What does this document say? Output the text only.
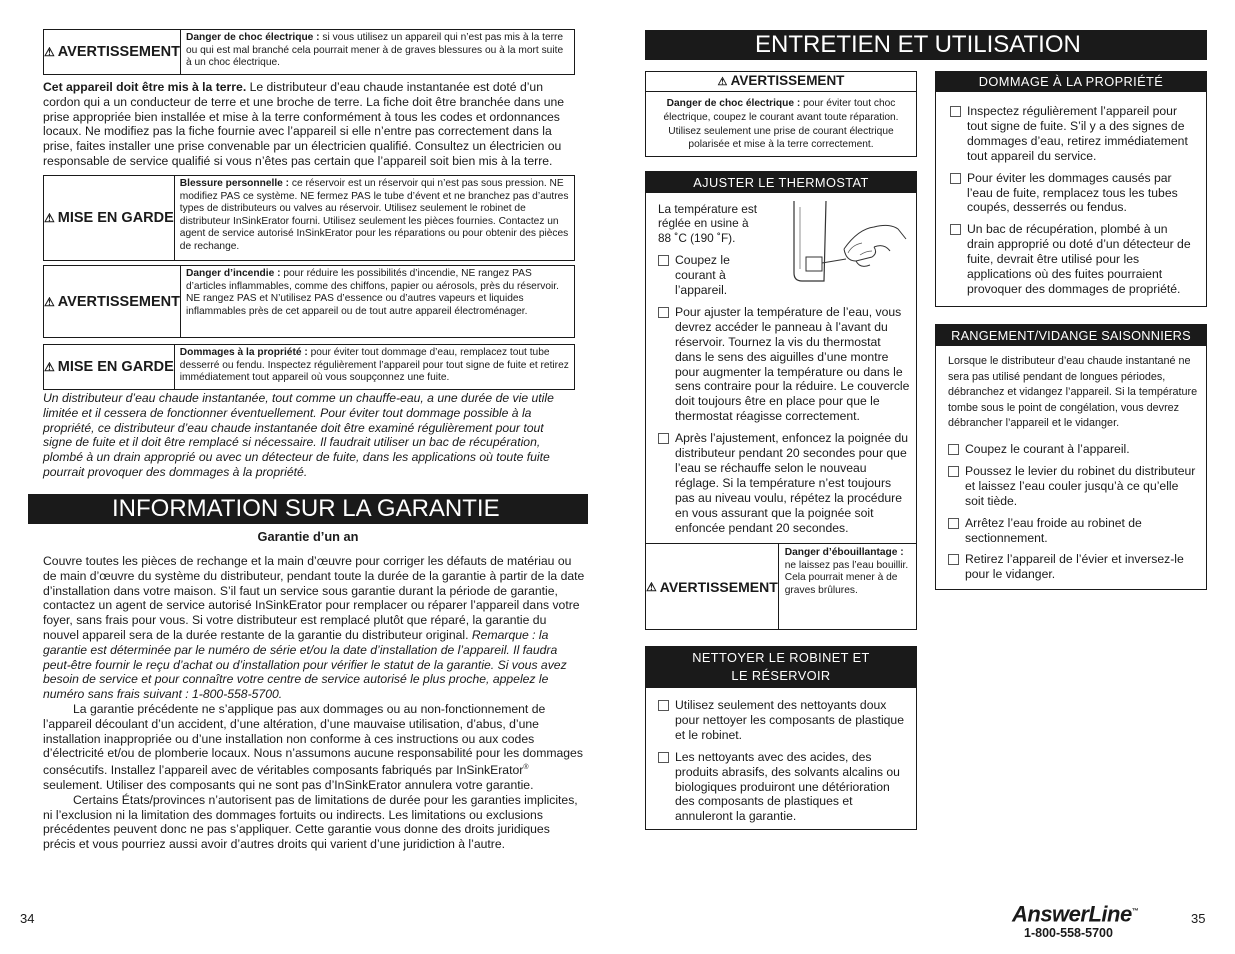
⚠ AVERTISSEMENT
Danger de choc électrique : si vous utilisez un appareil qui n’est pas mis à la terre ou qui est mal branché cela pourrait mener à de graves blessures ou à la mort suite à un choc électrique.

Cet appareil doit être mis à la terre. Le distributeur d’eau chaude instantanée est doté d’un cordon qui a un conducteur de terre et une broche de terre. La fiche doit être branchée dans une prise appropriée bien installée et mise à la terre conformément à tous les codes et ordonnances locaux. Ne modifiez pas la fiche fournie avec l’appareil si elle n’entre pas correctement dans la prise, faites installer une prise convenable par un électricien qualifié. Consultez un électricien ou responsable de service qualifié si vous n’êtes pas certain que l’appareil soit bien mis à la terre.

⚠ MISE EN GARDE
Blessure personnelle : ce réservoir est un réservoir qui n’est pas sous pression. NE modifiez PAS ce système. NE fermez PAS le tube d’évent et ne branchez pas d’autres types de distributeurs ou valves au réservoir. Utilisez seulement le robinet de distributeur InSinkErator fourni. Utilisez seulement les pièces fournies. Contactez un agent de service autorisé InSinkErator pour les réparations ou pour obtenir des pièces de rechange.
⚠ AVERTISSEMENT
Danger d’incendie : pour réduire les possibilités d’incendie, NE rangez PAS d’articles inflammables, comme des chiffons, papier ou aérosols, près du réservoir. NE rangez PAS et N’utilisez PAS d’essence ou d’autres vapeurs et liquides inflammables près de cet appareil ou de tout autre appareil électroménager.
⚠ MISE EN GARDE
Dommages à la propriété : pour éviter tout dommage d’eau, remplacez tout tube desserré ou fendu. Inspectez régulièrement l’appareil pour tout signe de fuite et retirez immédiatement tout appareil où vous soupçonnez une fuite.

Un distributeur d’eau chaude instantanée, tout comme un chauffe-eau, a une durée de vie utile limitée et il cessera de fonctionner éventuellement. Pour éviter tout dommage possible à la propriété, ce distributeur d’eau chaude instantanée doit être examiné régulièrement pour tout signe de fuite et il doit être remplacé si nécessaire. Il faudrait utiliser un bac de récupération, plombé à un drain approprié ou avec un détecteur de fuite, dans les applications où toute fuite pourrait provoquer des dommages à la propriété.

INFORMATION SUR LA GARANTIE
Garantie d’un an

Couvre toutes les pièces de rechange et la main d’œuvre pour corriger les défauts de matériau ou de main d’œuvre du système du distributeur, pendant toute la durée de la garantie à partir de la date d’installation dans votre maison. S’il faut un service sous garantie durant la période de garantie, contactez un agent de service autorisé InSinkErator pour remplacer ou réparer l’appareil dans votre foyer, sans frais pour vous. Si votre distributeur est remplacé plutôt que réparé, la garantie du nouvel appareil sera de la durée restante de la garantie du distributeur original. Remarque : la garantie est déterminée par le numéro de série et/ou la date d’installation de l’appareil. Il faudra peut-être fournir le reçu d’achat ou d’installation pour vérifier le statut de la garantie. Si vous avez besoin de service et pour connaître votre centre de service autorisé le plus proche, appelez le numéro sans frais suivant : 1-800-558-5700.

La garantie précédente ne s’applique pas aux dommages ou au non-fonctionnement de l’appareil découlant d’un accident, d’une altération, d’une mauvaise utilisation, d’abus, d’une installation inappropriée ou d’une installation non conforme à ces instructions ou aux codes d’électricité et/ou de plomberie locaux. Nous n’assumons aucune responsabilité pour les dommages consécutifs. Installez l’appareil avec de véritables composants fabriqués par InSinkErator® seulement. Utiliser des composants qui ne sont pas d’InSinkErator annulera votre garantie.

Certains États/provinces n’autorisent pas de limitations de durée pour les garanties implicites, ni l’exclusion ni la limitation des dommages fortuits ou indirects. Les limitations ou exclusions précédentes peuvent donc ne pas s’appliquer. Cette garantie vous donne des droits juridiques précis et vous pourriez aussi avoir d’autres droits qui varient d’une juridiction à l’autre.

34
ENTRETIEN ET UTILISATION
⚠ AVERTISSEMENT
Danger de choc électrique : pour éviter tout choc électrique, coupez le courant avant toute réparation. Utilisez seulement une prise de courant électrique polarisée et mise à la terre correctement.
AJUSTER LE THERMOSTAT

La température est réglée en usine à 88 ˚C (190 ˚F).

Coupez le courant à l’appareil.
Pour ajuster la température de l’eau, vous devrez accéder le panneau à l’avant du réservoir. Tournez la vis du thermostat dans le sens des aiguilles d’une montre pour augmenter la température ou dans le sens contraire pour la réduire. Le couvercle doit toujours être en place pour que le thermostat réagisse correctement.
Après l’ajustement, enfoncez la poignée du distributeur pendant 20 secondes pour que l’eau se réchauffe selon le nouveau réglage. Si la température n’est toujours pas au niveau voulu, répétez la procédure en vous assurant que la poignée soit enfoncée pendant 20 secondes.
⚠ AVERTISSEMENT
Danger d’ébouillantage : ne laissez pas l’eau bouillir. Cela pourrait mener à de graves brûlures.
NETTOYER LE ROBINET ET
LE RÉSERVOIR
Utilisez seulement des nettoyants doux pour nettoyer les composants de plastique et le robinet.
Les nettoyants avec des acides, des produits abrasifs, des solvants alcalins ou biologiques produiront une détérioration des composants de plastiques et annuleront la garantie.
DOMMAGE À LA PROPRIÉTÉ
Inspectez régulièrement l’appareil pour tout signe de fuite. S’il y a des signes de dommages d’eau, retirez immédiatement tout appareil du service.
Pour éviter les dommages causés par l’eau de fuite, remplacez tous les tubes coupés, desserrés ou fendus.
Un bac de récupération, plombé à un drain approprié ou doté d’un détecteur de fuite, devrait être utilisé pour les applications où des fuites pourraient provoquer des dommages de propriété.
RANGEMENT/VIDANGE SAISONNIERS

Lorsque le distributeur d’eau chaude instantané ne sera pas utilisé pendant de longues périodes, débranchez et vidangez l’appareil. Si la température tombe sous le point de congélation, vous devrez débrancher l’appareil et le vidanger.

Coupez le courant à l’appareil.
Poussez le levier du robinet du distributeur et laissez l’eau couler jusqu’à ce qu’elle soit tiède.
Arrêtez l’eau froide au robinet de sectionnement.
Retirez l’appareil de l’évier et inversez-le pour le vidanger.
AnswerLine™
1-800-558-5700
35
